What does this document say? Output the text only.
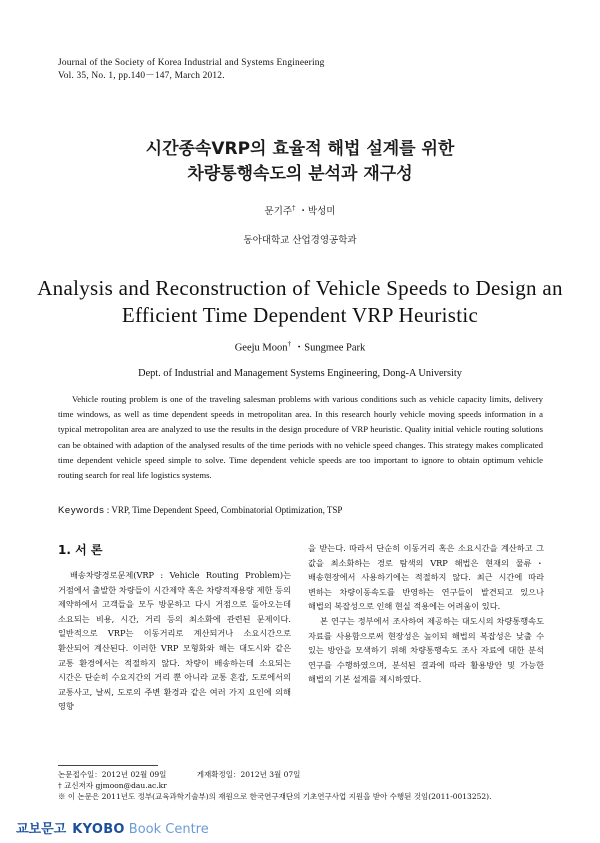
Journal of the Society of Korea Industrial and Systems Engineering
Vol. 35, No. 1, pp.140－147, March 2012.
시간종속VRP의 효율적 해법 설계를 위한
차량통행속도의 분석과 재구성
문기주† ・박성미
동아대학교 산업경영공학과
Analysis and Reconstruction of Vehicle Speeds to Design an
Efficient Time Dependent VRP Heuristic
Geeju Moon† ・Sungmee Park
Dept. of Industrial and Management Systems Engineering, Dong-A University
Vehicle routing problem is one of the traveling salesman problems with various conditions such as vehicle capacity limits, delivery time windows, as well as time dependent speeds in metropolitan area. In this research hourly vehicle moving speeds information in a typical metropolitan area are analyzed to use the results in the design procedure of VRP heuristic. Quality initial vehicle routing solutions can be obtained with adaption of the analysed results of the time periods with no vehicle speed changes. This strategy makes complicated time dependent vehicle speed simple to solve. Time dependent vehicle speeds are too important to ignore to obtain optimum vehicle routing search for real life logistics systems.
Keywords : VRP, Time Dependent Speed, Combinatorial Optimization, TSP
1. 서 론

배송차량경로문제(VRP : Vehicle Routing Problem)는 거점에서 출발한 차량들이 시간제약 혹은 차량적재용량 제한 등의 제약하에서 고객들을 모두 방문하고 다시 거점으로 돌아오는데 소요되는 비용, 시간, 거리 등의 최소화에 관련된 문제이다. 일반적으로 VRP는 이동거리로 계산되거나 소요시간으로 환산되어 계산된다. 이러한 VRP 모형화와 해는 대도시와 같은 교통 환경에서는 적절하지 않다. 차량이 배송하는데 소요되는 시간은 단순히 수요지간의 거리 뿐 아니라 교통 혼잡, 도로에서의 교통사고, 날씨, 도로의 주변 환경과 같은 여러 가지 요인에 의해 영향

을 받는다. 따라서 단순히 이동거리 혹은 소요시간을 계산하고 그 값을 최소화하는 경로 탐색의 VRP 해법은 현재의 물류・배송현장에서 사용하기에는 적절하지 않다. 최근 시간에 따라 변하는 차량이동속도를 반영하는 연구들이 발견되고 있으나 해법의 복잡성으로 인해 현실 적용에는 어려움이 있다.

본 연구는 정부에서 조사하여 제공하는 대도시의 차량통행속도 자료를 사용함으로써 현장성은 높이되 해법의 복잡성은 낮출 수 있는 방안을 모색하기 위해 차량통행속도 조사 자료에 대한 분석 연구를 수행하였으며, 분석된 결과에 따라 활용방안 및 가능한 해법의 기본 설계를 제시하였다.

논문접수일：2012년 02월 09일	게재확정일：2012년 3월 07일
† 교신저자 gjmoon@dau.ac.kr
※ 이 논문은 2011년도 정부(교육과학기술부)의 재원으로 한국연구재단의 기초연구사업 지원을 받아 수행된 것임(2011-0013252).
교보문고 KYOBO Book Centre
